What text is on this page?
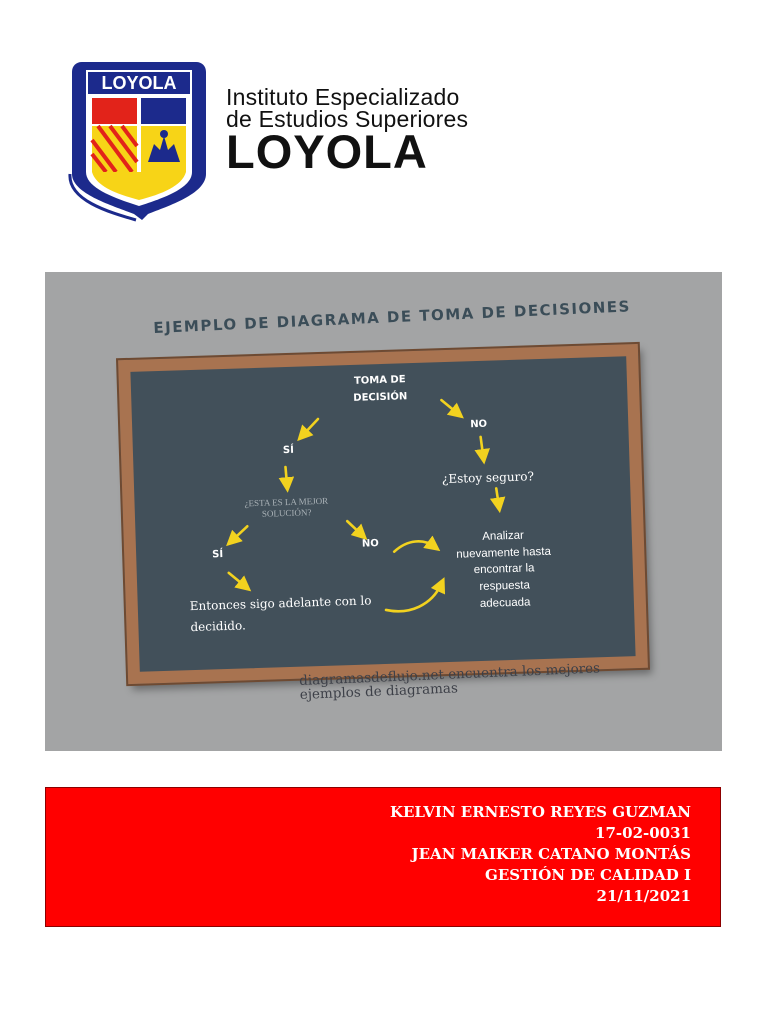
LOYOLA
Instituto Especializado
de Estudios Superiores
LOYOLA
EJEMPLO DE DIAGRAMA DE TOMA DE DECISIONES
TOMA DE
DECISIÓN
SÍ
NO
¿ESTA ES LA MEJOR
SOLUCIÓN?
¿Estoy seguro?
SÍ
NO
Entonces sigo adelante con lo
decidido.
Analizar
nuevamente hasta
encontrar la
respuesta
adecuada
diagramasdeflujo.net encuentra los mejores
ejemplos de diagramas
KELVIN ERNESTO REYES GUZMAN
17-02-0031
JEAN MAIKER CATANO MONTÁS
GESTIÓN DE CALIDAD I
21/11/2021
